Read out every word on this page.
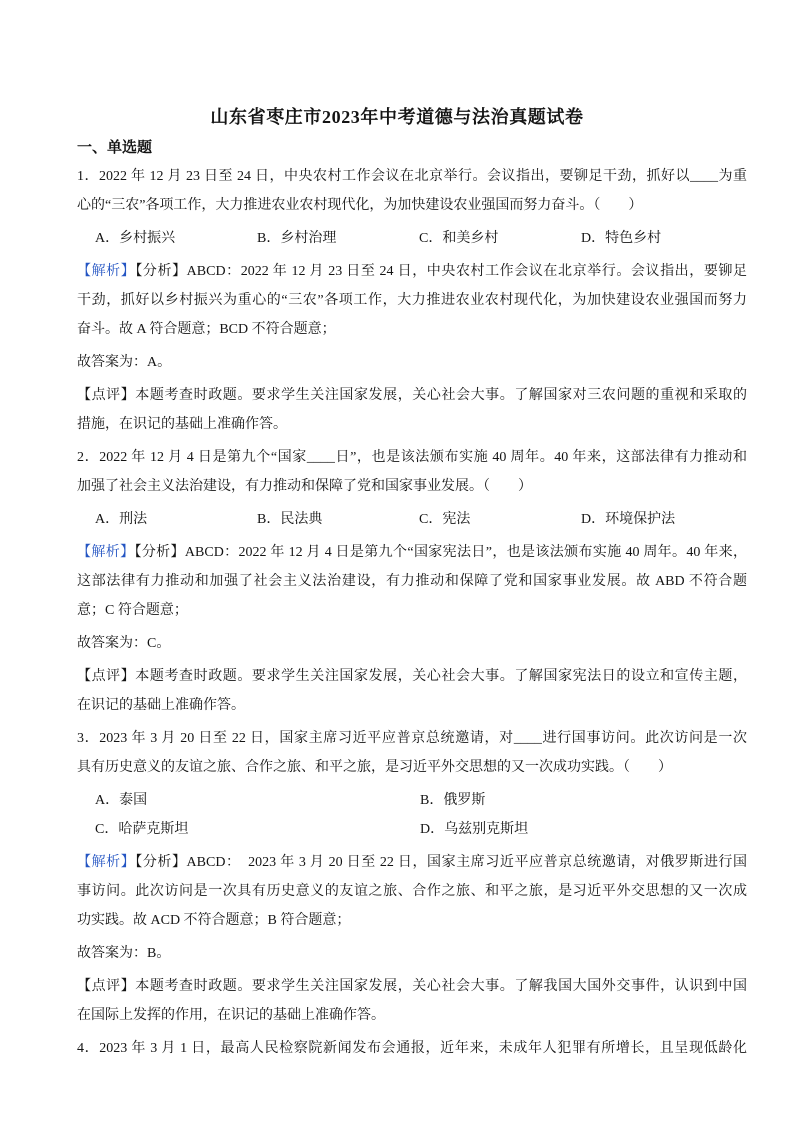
山东省枣庄市2023年中考道德与法治真题试卷
一、单选题
1．2022 年 12 月 23 日至 24 日，中央农村工作会议在北京举行。会议指出，要铆足干劲，抓好以____为重
心的“三农”各项工作，大力推进农业农村现代化，为加快建设农业强国而努力奋斗。（　　）
A．乡村振兴	B．乡村治理	C．和美乡村	D．特色乡村
【解析】【分析】ABCD：2022 年 12 月 23 日至 24 日，中央农村工作会议在北京举行。会议指出，要铆足
干劲，抓好以乡村振兴为重心的“三农”各项工作，大力推进农业农村现代化，为加快建设农业强国而努力
奋斗。故 A 符合题意；BCD 不符合题意；
故答案为：A。
【点评】本题考查时政题。要求学生关注国家发展，关心社会大事。了解国家对三农问题的重视和采取的
措施，在识记的基础上准确作答。
2．2022 年 12 月 4 日是第九个“国家____日”，也是该法颁布实施 40 周年。40 年来，这部法律有力推动和
加强了社会主义法治建设，有力推动和保障了党和国家事业发展。（　　）
A．刑法	B．民法典	C．宪法	D．环境保护法
【解析】【分析】ABCD：2022 年 12 月 4 日是第九个“国家宪法日”，也是该法颁布实施 40 周年。40 年来，
这部法律有力推动和加强了社会主义法治建设，有力推动和保障了党和国家事业发展。故 ABD 不符合题
意；C 符合题意；
故答案为：C。
【点评】本题考查时政题。要求学生关注国家发展，关心社会大事。了解国家宪法日的设立和宣传主题，
在识记的基础上准确作答。
3．2023 年 3 月 20 日至 22 日，国家主席习近平应普京总统邀请，对____进行国事访问。此次访问是一次
具有历史意义的友谊之旅、合作之旅、和平之旅，是习近平外交思想的又一次成功实践。（　　）
A．泰国	B．俄罗斯
C．哈萨克斯坦	D．乌兹别克斯坦
【解析】【分析】ABCD：　2023 年 3 月 20 日至 22 日，国家主席习近平应普京总统邀请，对俄罗斯进行国
事访问。此次访问是一次具有历史意义的友谊之旅、合作之旅、和平之旅，是习近平外交思想的又一次成
功实践。故 ACD 不符合题意；B 符合题意；
故答案为：B。
【点评】本题考查时政题。要求学生关注国家发展，关心社会大事。了解我国大国外交事件，认识到中国
在国际上发挥的作用，在识记的基础上准确作答。
4．2023 年 3 月 1 日，最高人民检察院新闻发布会通报，近年来，未成年人犯罪有所增长，且呈现低龄化
